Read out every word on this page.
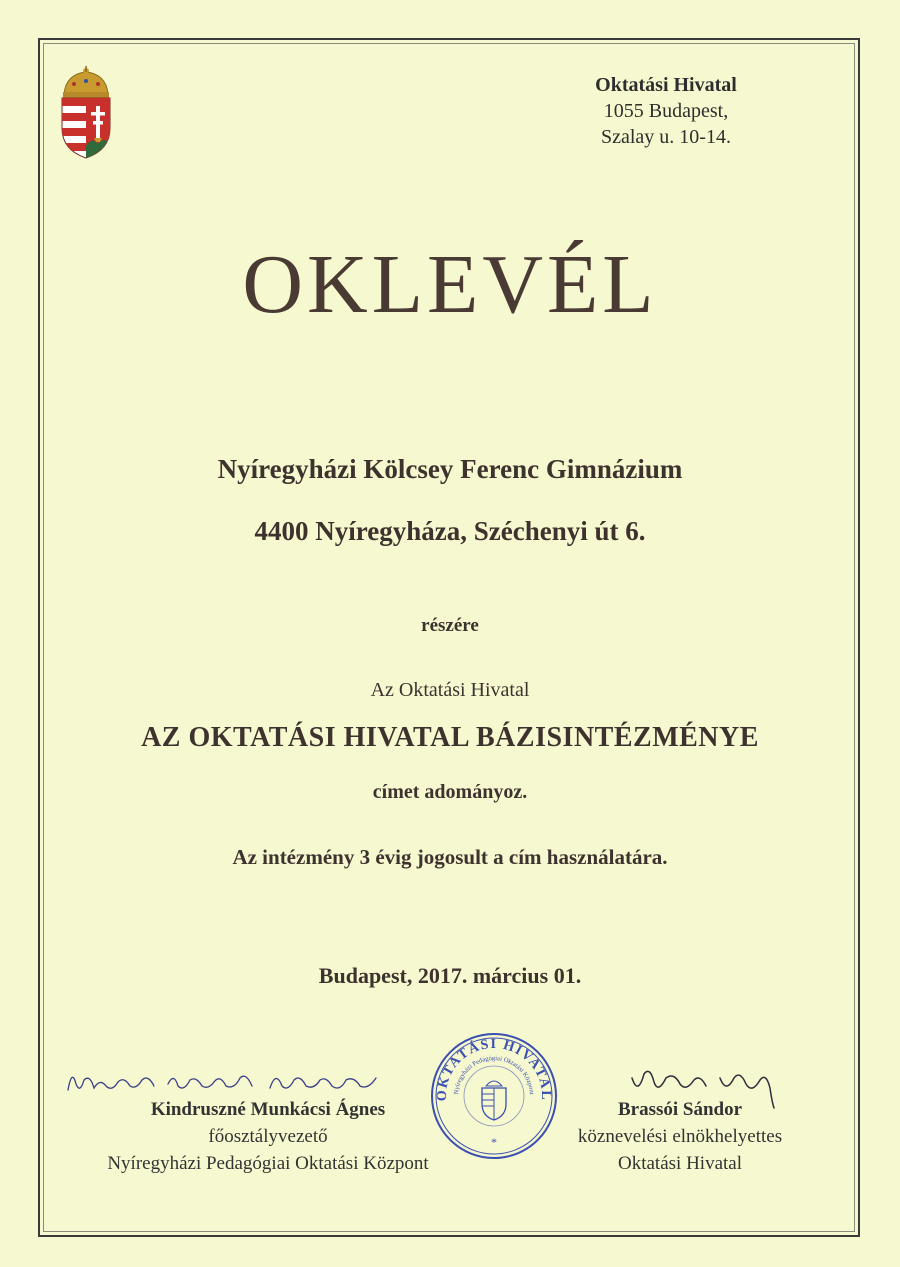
Oktatási Hivatal
1055 Budapest,
Szalay u. 10-14.
OKLEVÉL
Nyíregyházi Kölcsey Ferenc Gimnázium
4400 Nyíregyháza, Széchenyi út 6.
részére
Az Oktatási Hivatal
AZ OKTATÁSI HIVATAL BÁZISINTÉZMÉNYE
címet adományoz.
Az intézmény 3 évig jogosult a cím használatára.
Budapest, 2017. március 01.
Kindruszné Munkácsi Ágnes
főosztályvezető
Nyíregyházi Pedagógiai Oktatási Központ
Brassói Sándor
köznevelési elnökhelyettes
Oktatási Hivatal
OKTATÁSI HIVATAL
Nyíregyházi Pedagógiai Oktatási Központ
*
